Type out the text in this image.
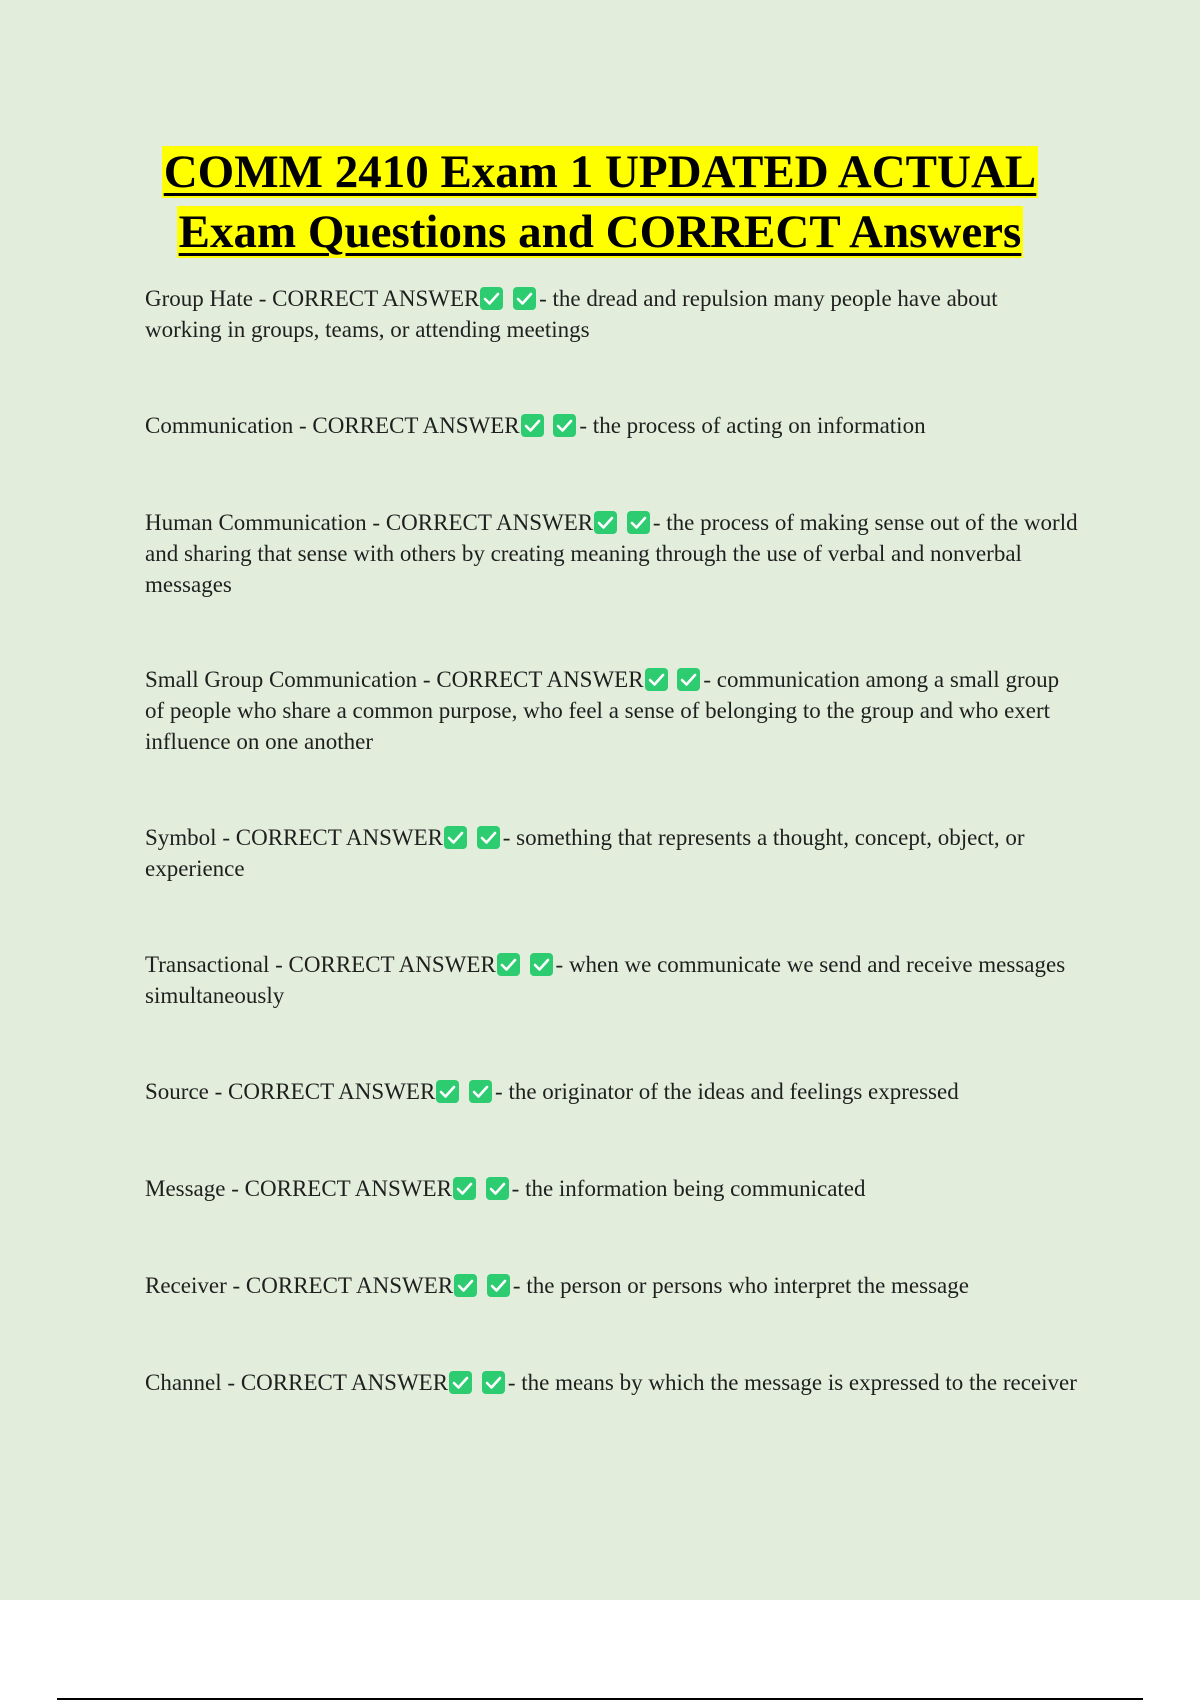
COMM 2410 Exam 1 UPDATED ACTUAL
Exam Questions and CORRECT Answers

Group Hate - CORRECT ANSWER
	- the dread and repulsion many people have about working in groups, teams, or attending meetings

Communication - CORRECT ANSWER
	- the process of acting on information

Human Communication - CORRECT ANSWER
	- the process of making sense out of the world and sharing that sense with others by creating meaning through the use of verbal and nonverbal messages

Small Group Communication - CORRECT ANSWER
	- communication among a small group of people who share a common purpose, who feel a sense of belonging to the group and who exert influence on one another

Symbol - CORRECT ANSWER
	- something that represents a thought, concept, object, or experience

Transactional - CORRECT ANSWER
	- when we communicate we send and receive messages simultaneously

Source - CORRECT ANSWER
	- the originator of the ideas and feelings expressed

Message - CORRECT ANSWER
	- the information being communicated

Receiver - CORRECT ANSWER
	- the person or persons who interpret the message

Channel - CORRECT ANSWER
	- the means by which the message is expressed to the receiver
